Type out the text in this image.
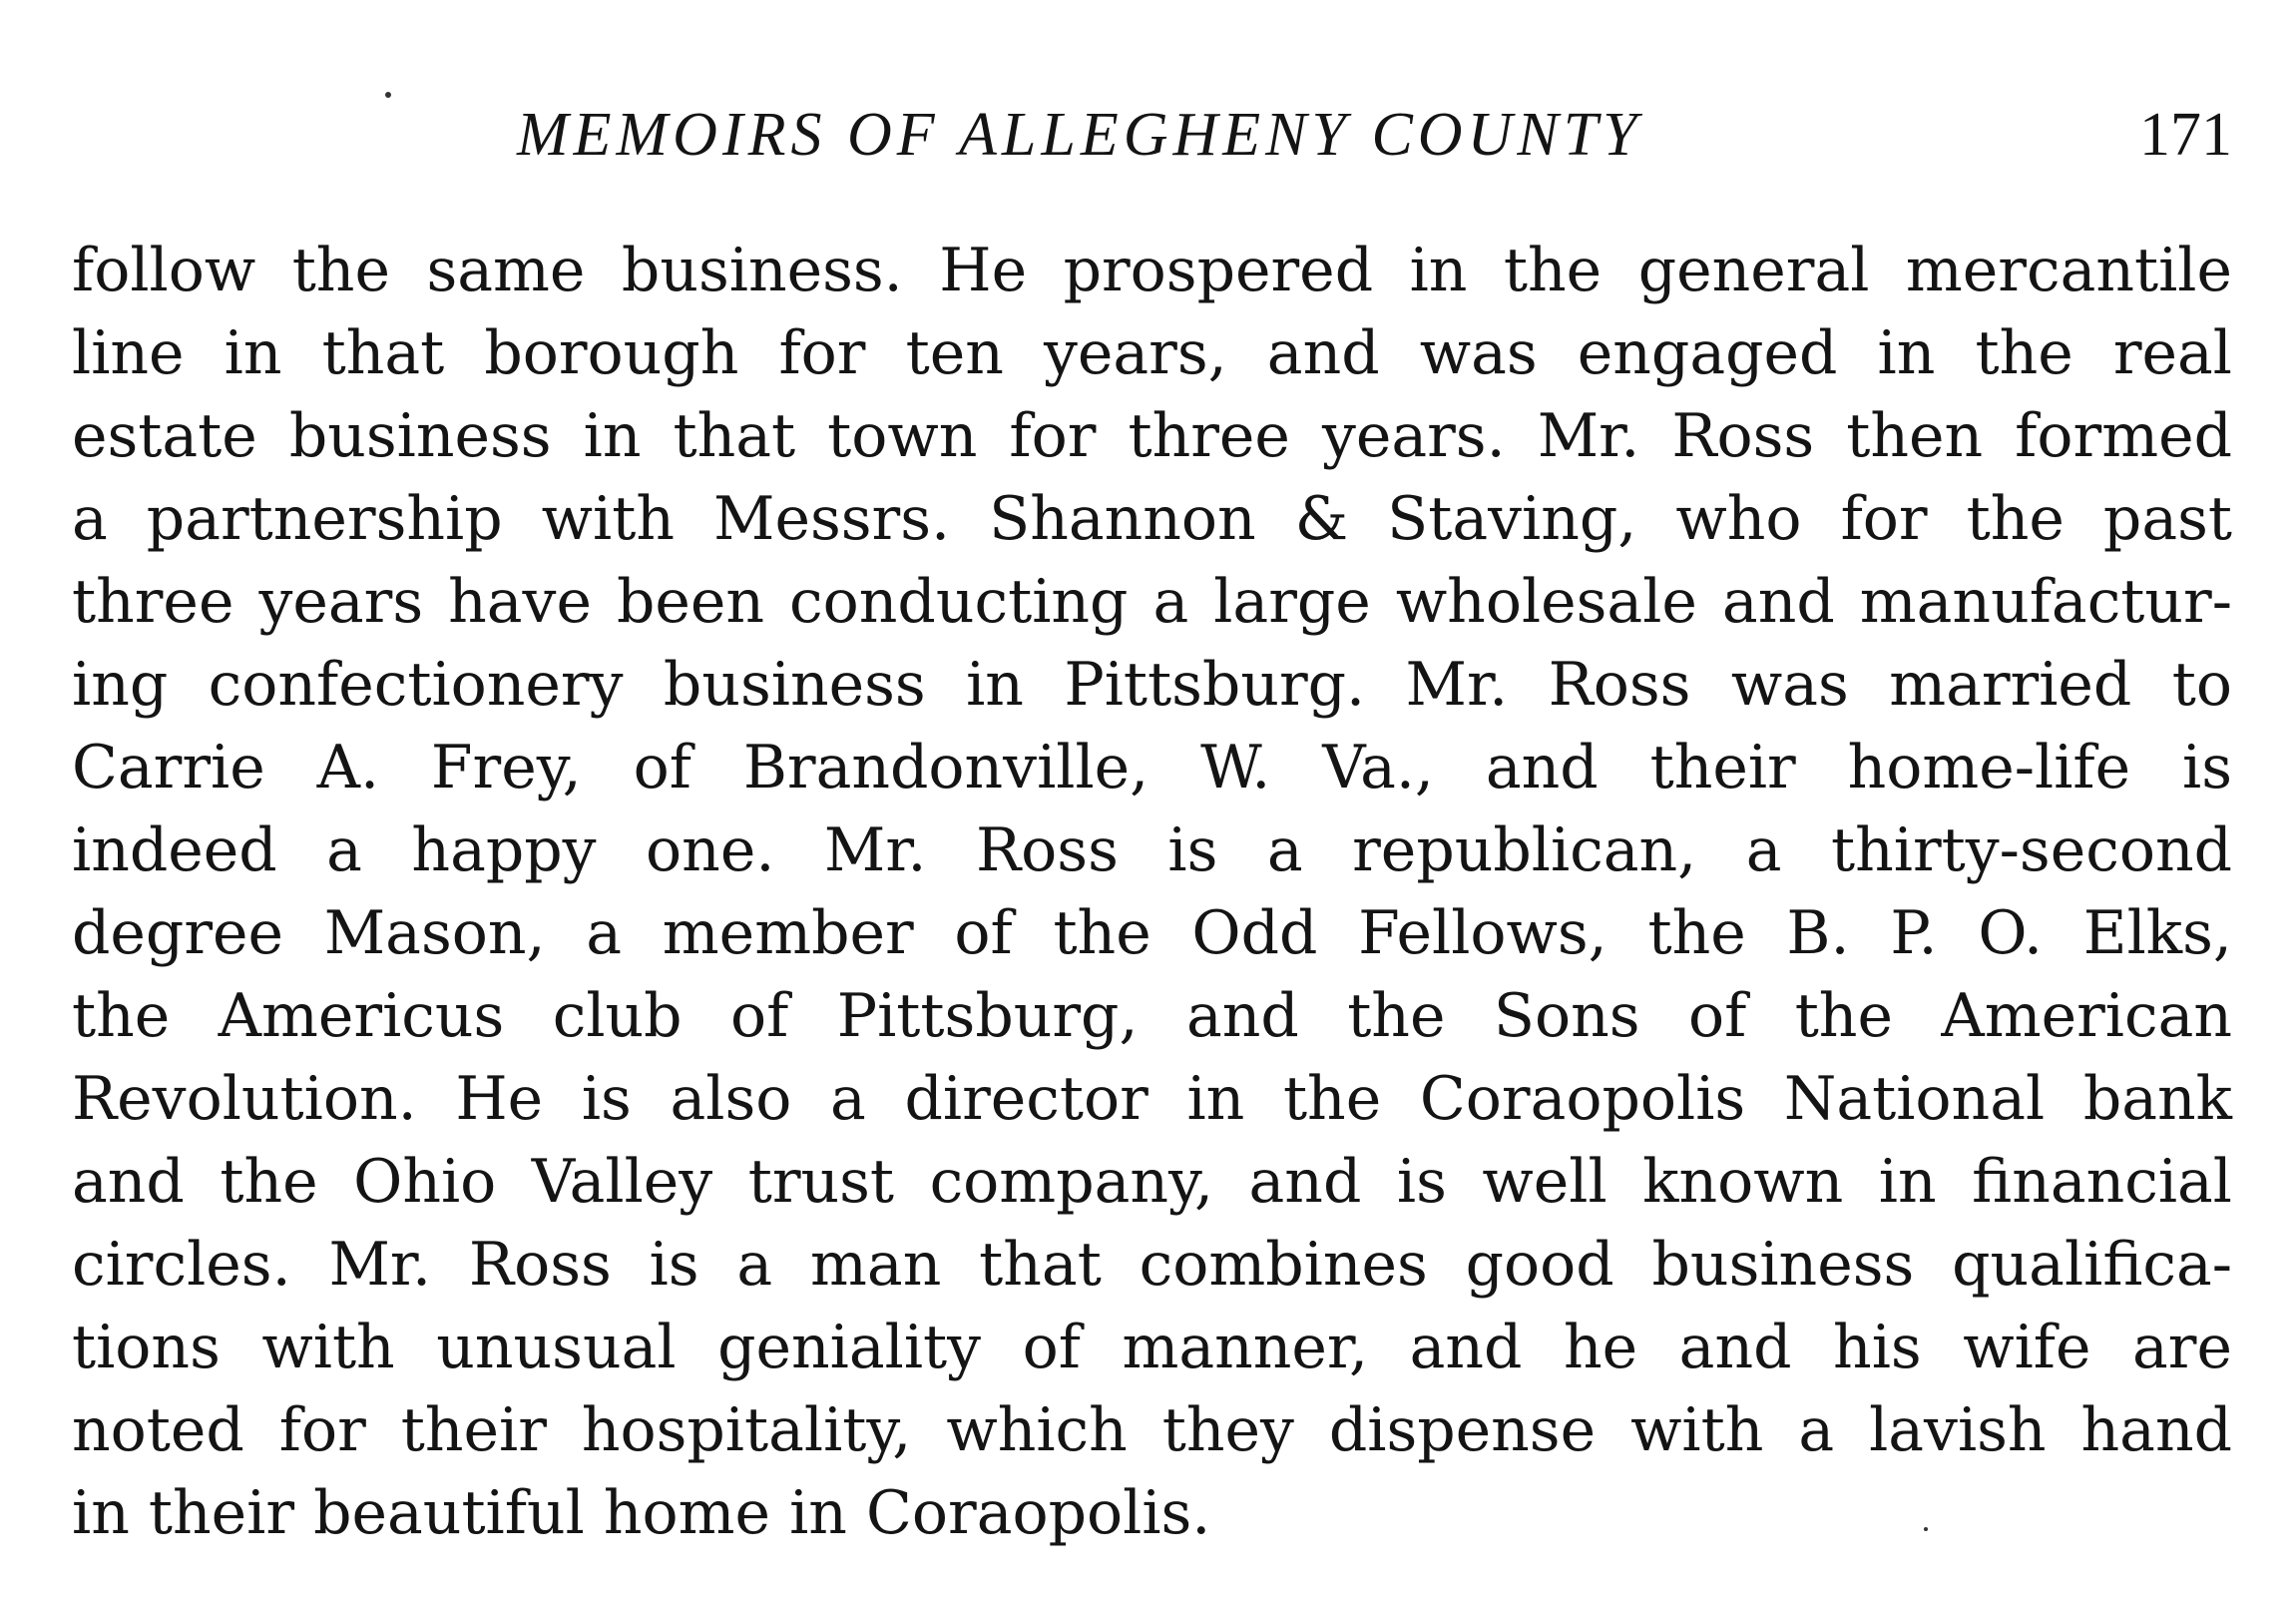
MEMOIRS OF ALLEGHENY COUNTY	171
follow the same business. He prospered in the general mercantile
line in that borough for ten years, and was engaged in the real
estate business in that town for three years. Mr. Ross then formed
a partnership with Messrs. Shannon & Staving, who for the past
three years have been conducting a large wholesale and manufactur-
ing confectionery business in Pittsburg. Mr. Ross was married to
Carrie A. Frey, of Brandonville, W. Va., and their home-life is
indeed a happy one. Mr. Ross is a republican, a thirty-second
degree Mason, a member of the Odd Fellows, the B. P. O. Elks,
the Americus club of Pittsburg, and the Sons of the American
Revolution. He is also a director in the Coraopolis National bank
and the Ohio Valley trust company, and is well known in financial
circles. Mr. Ross is a man that combines good business qualifica-
tions with unusual geniality of manner, and he and his wife are
noted for their hospitality, which they dispense with a lavish hand
in their beautiful home in Coraopolis.
